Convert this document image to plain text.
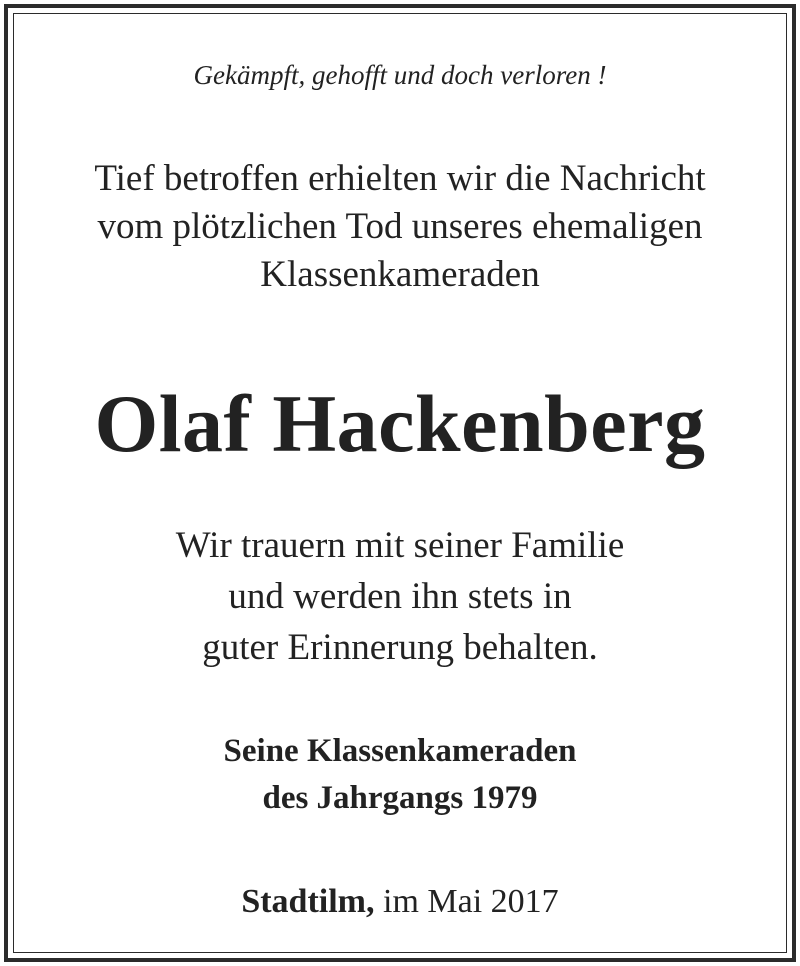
Gekämpft, gehofft und doch verloren !
Tief betroffen erhielten wir die Nachricht
vom plötzlichen Tod unseres ehemaligen
Klassenkameraden
Olaf Hackenberg
Wir trauern mit seiner Familie
und werden ihn stets in
guter Erinnerung behalten.
Seine Klassenkameraden
des Jahrgangs 1979
Stadtilm, im Mai 2017
